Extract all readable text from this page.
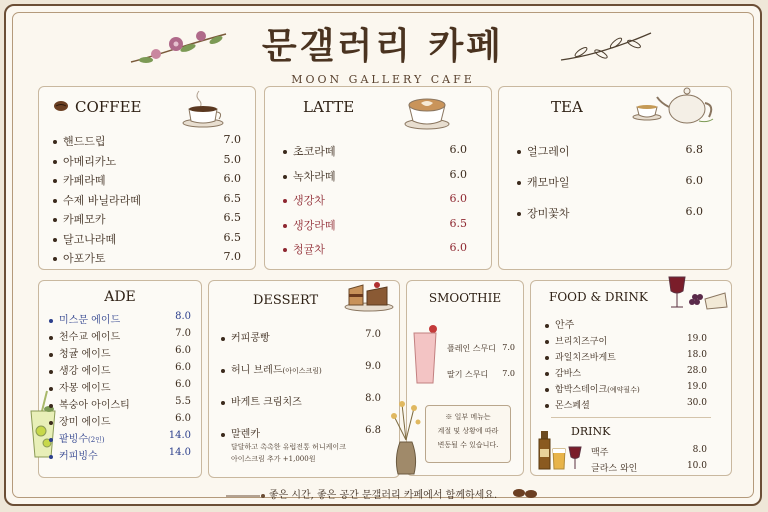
문갤러리 카페
MOON GALLERY CAFE
COFFEE
핸드드립	7.0
아메리카노	5.0
카페라떼	6.0
수제 바닐라라떼	6.5
카페모카	6.5
달고나라떼	6.5
아포가토	7.0
LATTE
초코라떼	6.0
녹차라떼	6.0
생강차	6.0
생강라떼	6.5
청귤차	6.0
TEA
얼그레이	6.8
캐모마일	6.0
장미꽃차	6.0
ADE
미스문 에이드	8.0
천수교 에이드	7.0
청귤 에이드	6.0
생강 에이드	6.0
자몽 에이드	6.0
복숭아 아이스티	5.5
장미 에이드	6.0
팥빙수(2인)	14.0
커피빙수	14.0
DESSERT
커피콩빵	7.0
허니 브레드(아이스크림)	9.0
바게트 크림치즈	8.0
말렌카	6.8
달달하고 촉촉한 유럽전통 허니케이크
아이스크림 추가 +1,000원
SMOOTHIE
플레인 스무디 7.0
딸기 스무디 7.0
※ 일부 메뉴는
계절 및 상황에 따라
변동될 수 있습니다.
FOOD & DRINK
안주
브리치즈구이	19.0
과일치즈바게트	18.0
감바스	28.0
함박스테이크(예약필수)	19.0
몬스페셜	30.0
DRINK
맥주	8.0
글라스 와인	10.0
좋은 시간, 좋은 공간 문갤러리 카페에서 함께하세요.
